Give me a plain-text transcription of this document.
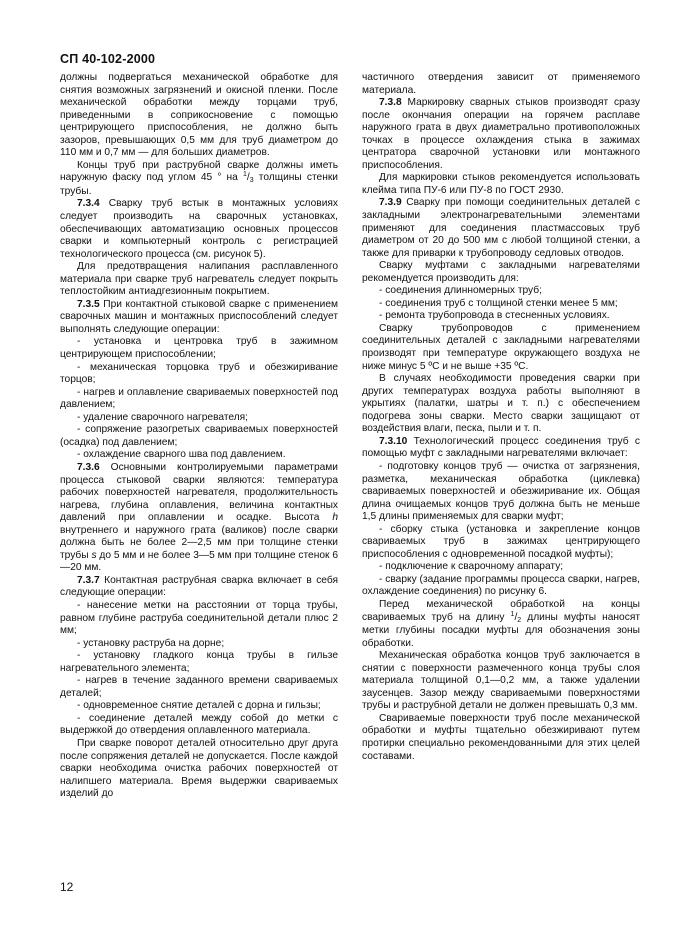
СП 40-102-2000

должны подвергаться механической обработке для снятия возможных загрязнений и окисной пленки. После механической обработки между торцами труб, приведенными в соприкосновение с помощью центрирующего приспособления, не должно быть зазоров, превышающих 0,5 мм для труб диаметром до 110 мм и 0,7 мм — для больших диаметров.

Концы труб при раструбной сварке должны иметь наружную фаску под углом 45 ° на $^1/_3$ толщины стенки трубы.

7.3.4 Сварку труб встык в монтажных условиях следует производить на сварочных установках, обеспечивающих автоматизацию основных процессов сварки и компьютерный контроль с регистрацией технологического процесса (см. рисунок 5).

Для предотвращения налипания расплавленного материала при сварке труб нагреватель следует покрыть теплостойким антиадгезионным покрытием.

7.3.5 При контактной стыковой сварке с применением сварочных машин и монтажных приспособлений следует выполнять следующие операции:

- установка и центровка труб в зажимном центрирующем приспособлении;

- механическая торцовка труб и обезжиривание торцов;

- нагрев и оплавление свариваемых поверхностей под давлением;

- удаление сварочного нагревателя;

- сопряжение разогретых свариваемых поверхностей (осадка) под давлением;

- охлаждение сварного шва под давлением.

7.3.6 Основными контролируемыми параметрами процесса стыковой сварки являются: температура рабочих поверхностей нагревателя, продолжительность нагрева, глубина оплавления, величина контактных давлений при оплавлении и осадке. Высота h внутреннего и наружного грата (валиков) после сварки должна быть не более 2—2,5 мм при толщине стенки трубы s до 5 мм и не более 3—5 мм при толщине стенок 6—20 мм.

7.3.7 Контактная раструбная сварка включает в себя следующие операции:

- нанесение метки на расстоянии от торца трубы, равном глубине раструба соединительной детали плюс 2 мм;

- установку раструба на дорне;

- установку гладкого конца трубы в гильзе нагревательного элемента;

- нагрев в течение заданного времени свариваемых деталей;

- одновременное снятие деталей с дорна и гильзы;

- соединение деталей между собой до метки с выдержкой до отвердения оплавленного материала.

При сварке поворот деталей относительно друг друга после сопряжения деталей не допускается. После каждой сварки необходима очистка рабочих поверхностей от налипшего материала. Время выдержки свариваемых изделий до

частичного отвердения зависит от применяемого материала.

7.3.8 Маркировку сварных стыков производят сразу после окончания операции на горячем расплаве наружного грата в двух диаметрально противоположных точках в процессе охлаждения стыка в зажимах центратора сварочной установки или монтажного приспособления.

Для маркировки стыков рекомендуется использовать клейма типа ПУ-6 или ПУ-8 по ГОСТ 2930.

7.3.9 Сварку при помощи соединительных деталей с закладными электронагревательными элементами применяют для соединения пластмассовых труб диаметром от 20 до 500 мм с любой толщиной стенки, а также для приварки к трубопроводу седловых отводов.

Сварку муфтами с закладными нагревателями рекомендуется производить для:

- соединения длинномерных труб;

- соединения труб с толщиной стенки менее 5 мм;

- ремонта трубопровода в стесненных условиях.

Сварку трубопроводов с применением соединительных деталей с закладными нагревателями производят при температуре окружающего воздуха не ниже минус 5 ºС и не выше +35 ºС.

В случаях необходимости проведения сварки при других температурах воздуха работы выполняют в укрытиях (палатки, шатры и т. п.) с обеспечением подогрева зоны сварки. Место сварки защищают от воздействия влаги, песка, пыли и т. п.

7.3.10 Технологический процесс соединения труб с помощью муфт с закладными нагревателями включает:

- подготовку концов труб — очистка от загрязнения, разметка, механическая обработка (циклевка) свариваемых поверхностей и обезжиривание их. Общая длина очищаемых концов труб должна быть не меньше 1,5 длины применяемых для сварки муфт;

- сборку стыка (установка и закрепление концов свариваемых труб в зажимах центрирующего приспособления с одновременной посадкой муфты);

- подключение к сварочному аппарату;

- сварку (задание программы процесса сварки, нагрев, охлаждение соединения) по рисунку 6.

Перед механической обработкой на концы свариваемых труб на длину $^1/_2$ длины муфты наносят метки глубины посадки муфты для обозначения зоны обработки.

Механическая обработка концов труб заключается в снятии с поверхности размеченного конца трубы слоя материала толщиной 0,1—0,2 мм, а также удалении заусенцев. Зазор между свариваемыми поверхностями трубы и раструбной детали не должен превышать 0,3 мм.

Свариваемые поверхности труб после механической обработки и муфты тщательно обезжиривают путем протирки специально рекомендованными для этих целей составами.

12
